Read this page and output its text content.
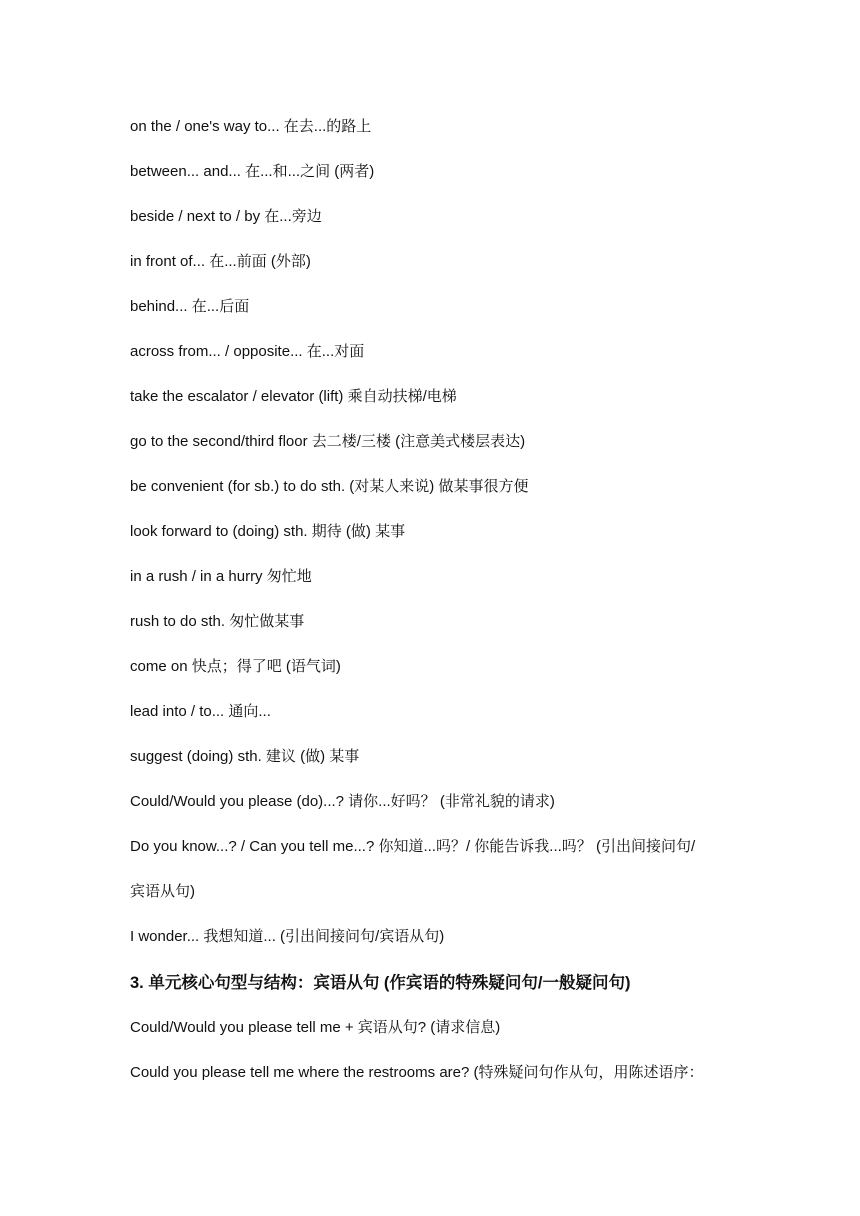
on the / one's way to... 在去...的路上
between... and... 在...和...之间 (两者)
beside / next to / by 在...旁边
in front of... 在...前面 (外部)
behind... 在...后面
across from... / opposite... 在...对面
take the escalator / elevator (lift) 乘自动扶梯/电梯
go to the second/third floor 去二楼/三楼 (注意美式楼层表达)
be convenient (for sb.) to do sth. (对某人来说) 做某事很方便
look forward to (doing) sth. 期待 (做) 某事
in a rush / in a hurry 匆忙地
rush to do sth. 匆忙做某事
come on 快点；得了吧 (语气词)
lead into / to... 通向...
suggest (doing) sth. 建议 (做) 某事
Could/Would you please (do)...? 请你...好吗？ (非常礼貌的请求)
Do you know...? / Can you tell me...? 你知道...吗？/ 你能告诉我...吗？ (引出间接问句/
宾语从句)
I wonder... 我想知道... (引出间接问句/宾语从句)
3. 单元核心句型与结构：宾语从句 (作宾语的特殊疑问句/一般疑问句)
Could/Would you please tell me + 宾语从句? (请求信息)
Could you please tell me where the restrooms are? (特殊疑问句作从句，用陈述语序：
